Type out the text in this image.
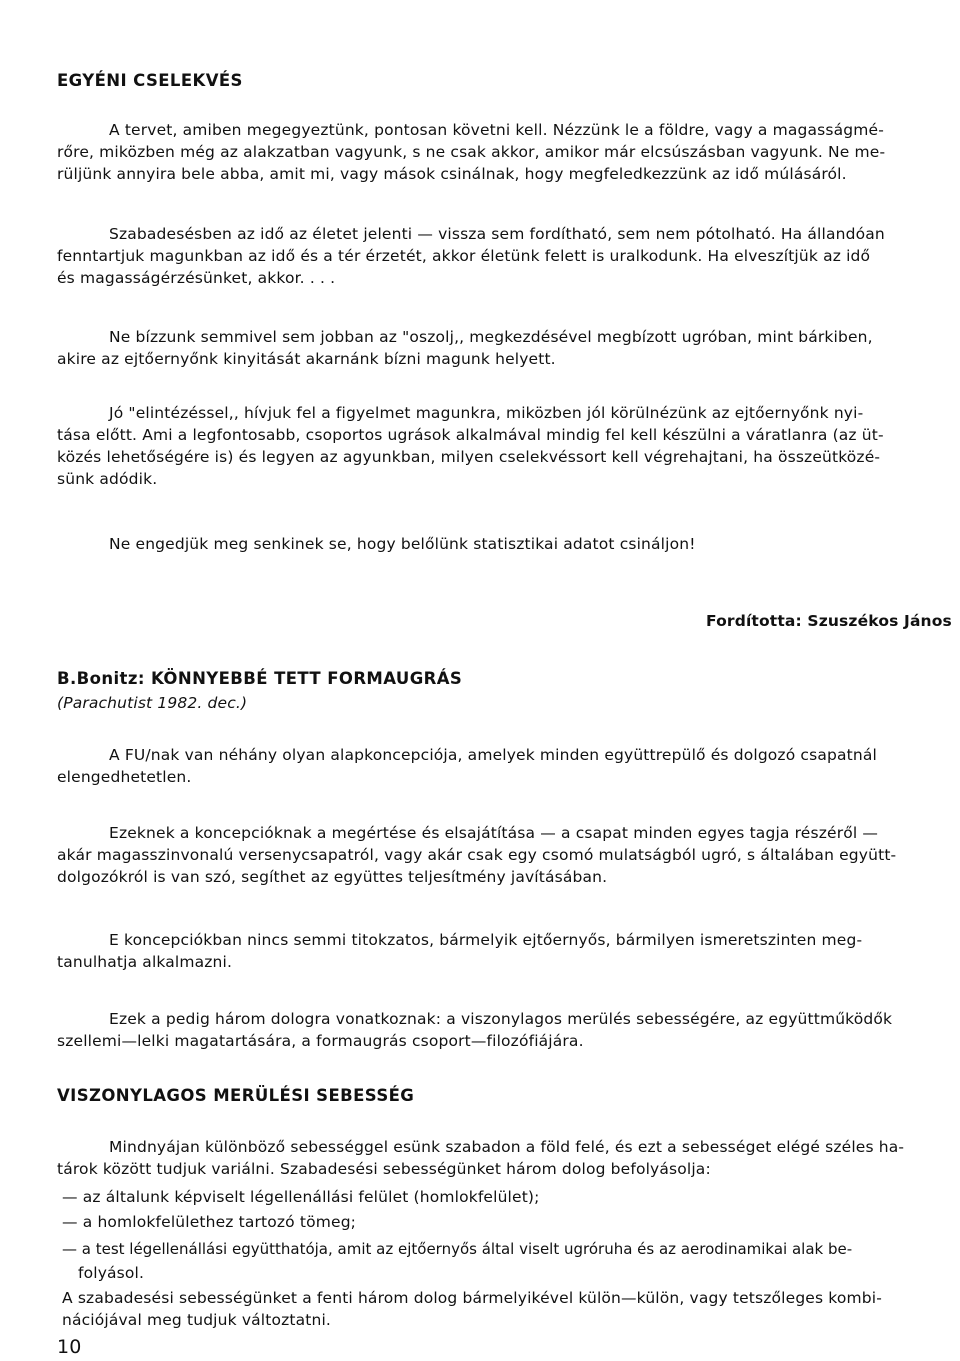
EGYÉNI CSELEKVÉS
A tervet, amiben megegyeztünk, pontosan követni kell. Nézzünk le a földre, vagy a magasságmé-
rőre, miközben még az alakzatban vagyunk, s ne csak akkor, amikor már elcsúszásban vagyunk. Ne me-
rüljünk annyira bele abba, amit mi, vagy mások csinálnak, hogy megfeledkezzünk az idő múlásáról.
Szabadesésben az idő az életet jelenti — vissza sem fordítható, sem nem pótolható. Ha állandóan
fenntartjuk magunkban az idő és a tér érzetét, akkor életünk felett is uralkodunk. Ha elveszítjük az idő
és magasságérzésünket, akkor. . . .
Ne bízzunk semmivel sem jobban az "oszolj,, megkezdésével megbízott ugróban, mint bárkiben,
akire az ejtőernyőnk kinyitását akarnánk bízni magunk helyett.
Jó "elintézéssel,, hívjuk fel a figyelmet magunkra, miközben jól körülnézünk az ejtőernyőnk nyi-
tása előtt. Ami a legfontosabb, csoportos ugrások alkalmával mindig fel kell készülni a váratlanra (az üt-
közés lehetőségére is) és legyen az agyunkban, milyen cselekvéssort kell végrehajtani, ha összeütközé-
sünk adódik.
Ne engedjük meg senkinek se, hogy belőlünk statisztikai adatot csináljon!
Fordította: Szuszékos János
B.Bonitz: KÖNNYEBBÉ TETT FORMAUGRÁS
(Parachutist 1982. dec.)
A FU/nak van néhány olyan alapkoncepciója, amelyek minden együttrepülő és dolgozó csapatnál
elengedhetetlen.
Ezeknek a koncepcióknak a megértése és elsajátítása — a csapat minden egyes tagja részéről —
akár magasszinvonalú versenycsapatról, vagy akár csak egy csomó mulatságból ugró, s általában együtt-
dolgozókról is van szó, segíthet az együttes teljesítmény javításában.
E koncepciókban nincs semmi titokzatos, bármelyik ejtőernyős, bármilyen ismeretszinten meg-
tanulhatja alkalmazni.
Ezek a pedig három dologra vonatkoznak: a viszonylagos merülés sebességére, az együttműködők
szellemi—lelki magatartására, a formaugrás csoport—filozófiájára.
VISZONYLAGOS MERÜLÉSI SEBESSÉG
Mindnyájan különböző sebességgel esünk szabadon a föld felé, és ezt a sebességet elégé széles ha-
tárok között tudjuk variálni. Szabadesési sebességünket három dolog befolyásolja:
— az általunk képviselt légellenállási felület (homlokfelület);
— a homlokfelülethez tartozó tömeg;
— a test légellenállási együtthatója, amit az ejtőernyős által viselt ugróruha és az aerodinamikai alak be-
folyásol.
A szabadesési sebességünket a fenti három dolog bármelyikével külön—külön, vagy tetszőleges kombi-
nációjával meg tudjuk változtatni.
10
